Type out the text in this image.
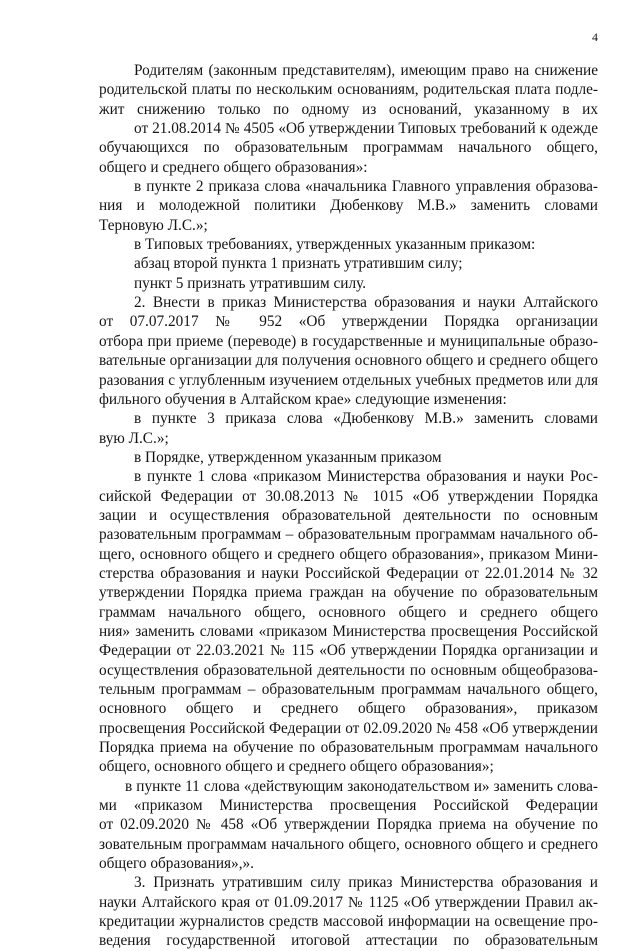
4
Родителям (законным представителям), имеющим право на снижение
родительской платы по нескольким основаниям, родительская плата подле-
жит снижению только по одному из оснований, указанному в их
от 21.08.2014 № 4505 «Об утверждении Типовых требований к одежде
обучающихся по образовательным программам начального общего,
общего и среднего общего образования»:
в пункте 2 приказа слова «начальника Главного управления образова-
ния и молодежной политики Дюбенкову М.В.» заменить словами
Терновую Л.С.»;
в Типовых требованиях, утвержденных указанным приказом:
абзац второй пункта 1 признать утратившим силу;
пункт 5 признать утратившим силу.
2. Внести в приказ Министерства образования и науки Алтайского
от 07.07.2017 № 952 «Об утверждении Порядка организации
отбора при приеме (переводе) в государственные и муниципальные образо-
вательные организации для получения основного общего и среднего общего
разования с углубленным изучением отдельных учебных предметов или для
фильного обучения в Алтайском крае» следующие изменения:
в пункте 3 приказа слова «Дюбенкову М.В.» заменить словами
вую Л.С.»;
в Порядке, утвержденном указанным приказом
в пункте 1 слова «приказом Министерства образования и науки Рос-
сийской Федерации от 30.08.2013 № 1015 «Об утверждении Порядка
зации и осуществления образовательной деятельности по основным
разовательным программам – образовательным программам начального об-
щего, основного общего и среднего общего образования», приказом Мини-
стерства образования и науки Российской Федерации от 22.01.2014 № 32
утверждении Порядка приема граждан на обучение по образовательным
граммам начального общего, основного общего и среднего общего
ния» заменить словами «приказом Министерства просвещения Российской
Федерации от 22.03.2021 № 115 «Об утверждении Порядка организации и
осуществления образовательной деятельности по основным общеобразова-
тельным программам – образовательным программам начального общего,
основного общего и среднего общего образования», приказом
просвещения Российской Федерации от 02.09.2020 № 458 «Об утверждении
Порядка приема на обучение по образовательным программам начального
общего, основного общего и среднего общего образования»;
в пункте 11 слова «действующим законодательством и» заменить слова-
ми «приказом Министерства просвещения Российской Федерации
от 02.09.2020 № 458 «Об утверждении Порядка приема на обучение по
зовательным программам начального общего, основного общего и среднего
общего образования»,».
3. Признать утратившим силу приказ Министерства образования и
науки Алтайского края от 01.09.2017 № 1125 «Об утверждении Правил ак-
кредитации журналистов средств массовой информации на освещение про-
ведения государственной итоговой аттестации по образовательным
